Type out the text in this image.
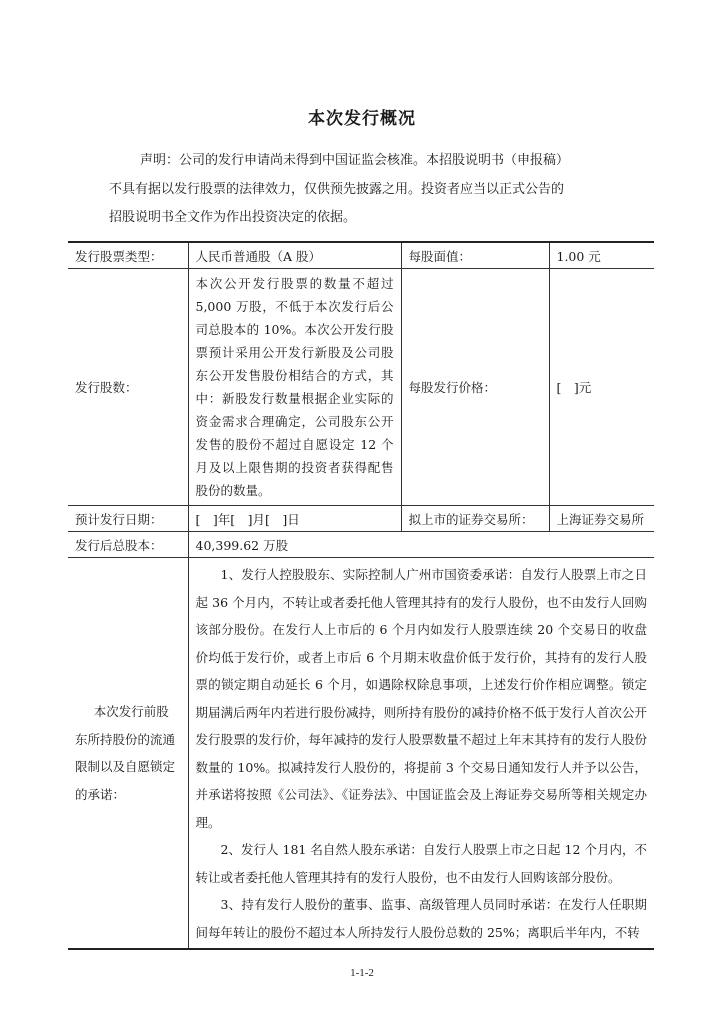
本次发行概况
声明：公司的发行申请尚未得到中国证监会核准。本招股说明书（申报稿）
不具有据以发行股票的法律效力，仅供预先披露之用。投资者应当以正式公告的
招股说明书全文作为作出投资决定的依据。
发行股票类型：	人民币普通股（A 股）	每股面值：	1.00 元
发行股数：	本次公开发行股票的数量不超过 5,000 万股，不低于本次发行后公司总股本的 10%。本次公开发行股票预计采用公开发行新股及公司股东公开发售股份相结合的方式，其中：新股发行数量根据企业实际的资金需求合理确定，公司股东公开发售的股份不超过自愿设定 12 个月及以上限售期的投资者获得配售股份的数量。	每股发行价格：	[　]元
预计发行日期：	[　]年[　]月[　]日	拟上市的证券交易所：	上海证券交易所
发行后总股本：	40,399.62 万股		
本次发行前股东所持股份的流通限制以及自愿锁定的承诺：	1、发行人控股股东、实际控制人广州市国资委承诺：自发行人股票上市之日起 36 个月内，不转让或者委托他人管理其持有的发行人股份，也不由发行人回购该部分股份。在发行人上市后的 6 个月内如发行人股票连续 20 个交易日的收盘价均低于发行价，或者上市后 6 个月期末收盘价低于发行价，其持有的发行人股票的锁定期自动延长 6 个月，如遇除权除息事项，上述发行价作相应调整。锁定期届满后两年内若进行股份减持，则所持有股份的减持价格不低于发行人首次公开发行股票的发行价，每年减持的发行人股票数量不超过上年末其持有的发行人股份数量的 10%。拟减持发行人股份的，将提前 3 个交易日通知发行人并予以公告，并承诺将按照《公司法》、《证券法》、中国证监会及上海证券交易所等相关规定办理。

2、发行人 181 名自然人股东承诺：自发行人股票上市之日起 12 个月内，不转让或者委托他人管理其持有的发行人股份，也不由发行人回购该部分股份。

3、持有发行人股份的董事、监事、高级管理人员同时承诺：在发行人任职期间每年转让的股份不超过本人所持发行人股份总数的 25%；离职后半年内，不转		

1-1-2
